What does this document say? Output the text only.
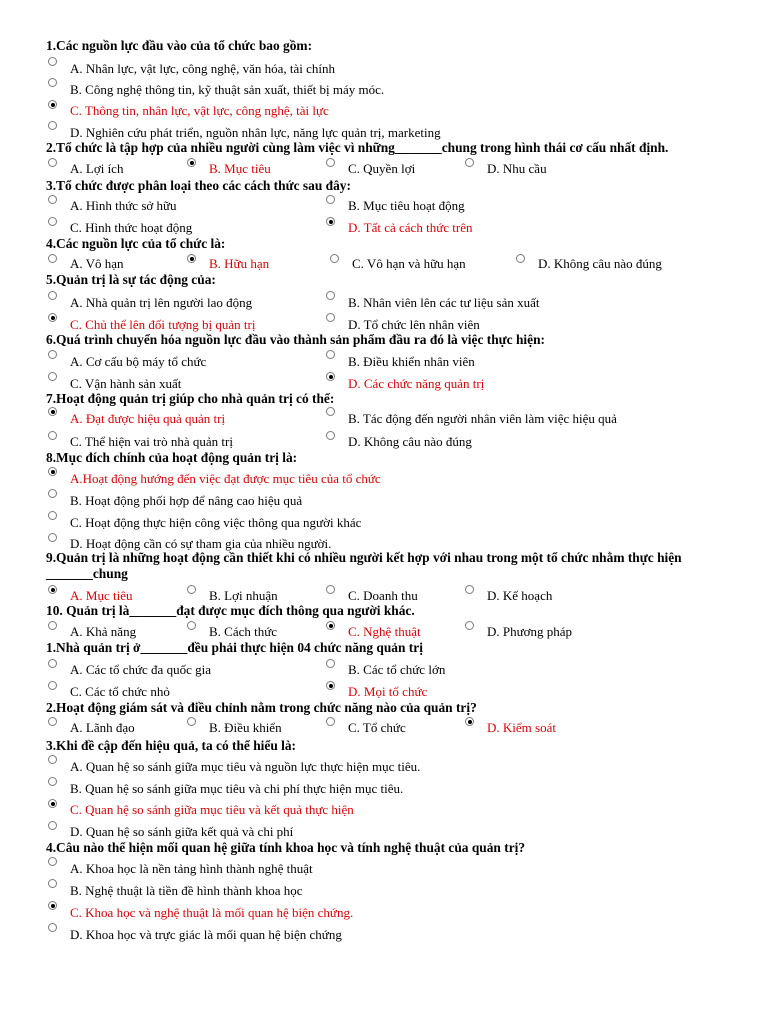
1.Các nguồn lực đầu vào của tổ chức bao gồm:
A. Nhân lực, vật lực, công nghệ, văn hóa, tài chính
B. Công nghệ thông tin, kỹ thuật sản xuất, thiết bị máy móc.
C. Thông tin, nhân lực, vật lực, công nghệ, tài lực
D. Nghiên cứu phát triển, nguồn nhân lực, năng lực quản trị, marketing
2.Tổ chức là tập hợp của nhiều người cùng làm việc vì những_______chung trong hình thái cơ cấu nhất định.
A. Lợi ích	B. Mục tiêu	C. Quyền lợi	D. Nhu cầu
3.Tổ chức được phân loại theo các cách thức sau đây:
A. Hình thức sở hữu	B. Mục tiêu hoạt động
C. Hình thức hoạt động	D. Tất cả cách thức trên
4.Các nguồn lực của tổ chức là:
A. Vô hạn	B. Hữu hạn	C. Vô hạn và hữu hạn	D. Không câu nào đúng
5.Quản trị là sự tác động của:
A. Nhà quản trị lên người lao động	B. Nhân viên lên các tư liệu sản xuất
C. Chủ thể lên đối tượng bị quản trị	D. Tổ chức lên nhân viên
6.Quá trình chuyển hóa nguồn lực đầu vào thành sản phẩm đầu ra đó là việc thực hiện:
A. Cơ cấu bộ máy tổ chức	B. Điều khiển nhân viên
C. Vận hành sản xuất	D. Các chức năng quản trị
7.Hoạt động quản trị giúp cho nhà quản trị có thể:
A. Đạt được hiệu quả quản trị	B. Tác động đến người nhân viên làm việc hiệu quả
C. Thể hiện vai trò nhà quản trị	D. Không câu nào đúng
8.Mục đích chính của hoạt động quản trị là:
A.Hoạt động hướng đến việc đạt được mục tiêu của tổ chức
B. Hoạt động phối hợp để nâng cao hiệu quả
C. Hoạt động thực hiện công việc thông qua người khác
D. Hoạt động cần có sự tham gia của nhiều người.
9.Quản trị là những hoạt động cần thiết khi có nhiều người kết hợp với nhau trong một tổ chức nhằm thực hiện _______chung
A. Mục tiêu	B. Lợi nhuận	C. Doanh thu	D. Kế hoạch
10. Quản trị là_______đạt được mục đích thông qua người khác.
A. Khả năng	B. Cách thức	C. Nghệ thuật	D. Phương pháp
1.Nhà quản trị ở_______đều phải thực hiện 04 chức năng quản trị
A. Các tổ chức đa quốc gia	B. Các tổ chức lớn
C. Các tổ chức nhỏ	D. Mọi tổ chức
2.Hoạt động giám sát và điều chỉnh nằm trong chức năng nào của quản trị?
A. Lãnh đạo	B. Điều khiển	C. Tổ chức	D. Kiểm soát
3.Khi đề cập đến hiệu quả, ta có thể hiểu là:
A. Quan hệ so sánh giữa mục tiêu và nguồn lực thực hiện mục tiêu.
B. Quan hệ so sánh giữa mục tiêu và chi phí thực hiện mục tiêu.
C. Quan hệ so sánh giữa mục tiêu và kết quả thực hiện
D. Quan hệ so sánh giữa kết quả và chi phí
4.Câu nào thể hiện mối quan hệ giữa tính khoa học và tính nghệ thuật của quản trị?
A. Khoa học là nền tảng hình thành nghệ thuật
B. Nghệ thuật là tiền đề hình thành khoa học
C. Khoa học và nghệ thuật là mối quan hệ biện chứng.
D. Khoa học và trực giác là mối quan hệ biện chứng
